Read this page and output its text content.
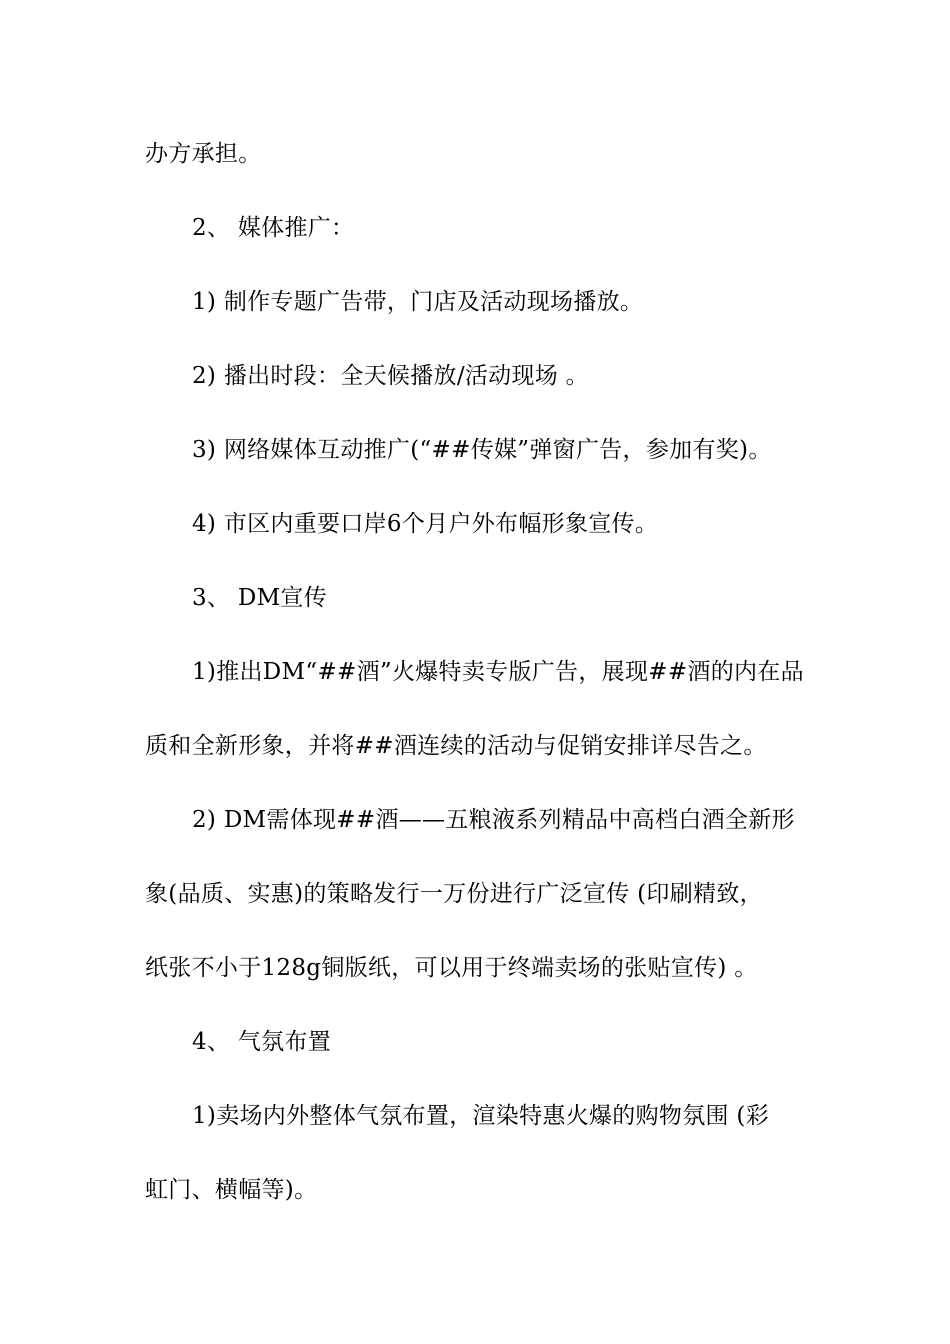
办方承担。
2、 媒体推广：
1) 制作专题广告带，门店及活动现场播放。
2) 播出时段：全天候播放/活动现场 。
3) 网络媒体互动推广(“##传媒”弹窗广告，参加有奖)。
4) 市区内重要口岸6个月户外布幅形象宣传。
3、 DM宣传
1)推出DM“##酒”火爆特卖专版广告，展现##酒的内在品
质和全新形象，并将##酒连续的活动与促销安排详尽告之。
2) DM需体现##酒——五粮液系列精品中高档白酒全新形
象(品质、实惠)的策略发行一万份进行广泛宣传 (印刷精致，
纸张不小于128g铜版纸，可以用于终端卖场的张贴宣传) 。
4、 气氛布置
1)卖场内外整体气氛布置，渲染特惠火爆的购物氛围 (彩
虹门、横幅等)。
